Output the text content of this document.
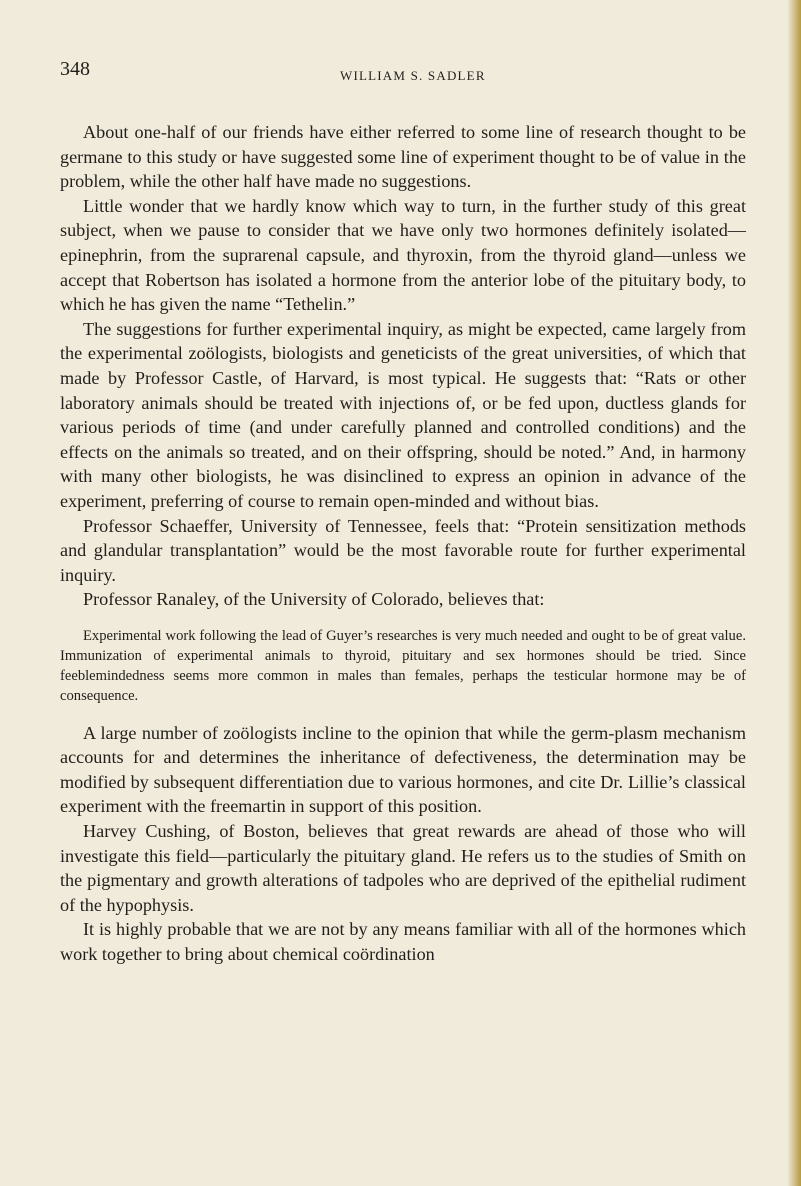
348	WILLIAM S. SADLER

About one-half of our friends have either referred to some line of research thought to be germane to this study or have suggested some line of experiment thought to be of value in the problem, while the other half have made no suggestions.

Little wonder that we hardly know which way to turn, in the further study of this great subject, when we pause to consider that we have only two hormones definitely isolated—epinephrin, from the suprarenal capsule, and thyroxin, from the thyroid gland—unless we accept that Robertson has isolated a hormone from the anterior lobe of the pituitary body, to which he has given the name “Tethelin.”

The suggestions for further experimental inquiry, as might be expected, came largely from the experimental zoölogists, biologists and geneticists of the great universities, of which that made by Professor Castle, of Harvard, is most typical. He suggests that: “Rats or other laboratory animals should be treated with injections of, or be fed upon, ductless glands for various periods of time (and under carefully planned and controlled conditions) and the effects on the animals so treated, and on their offspring, should be noted.” And, in harmony with many other biologists, he was disinclined to express an opinion in advance of the experiment, preferring of course to remain open-minded and without bias.

Professor Schaeffer, University of Tennessee, feels that: “Protein sensitization methods and glandular transplantation” would be the most favorable route for further experimental inquiry.

Professor Ranaley, of the University of Colorado, believes that:

Experimental work following the lead of Guyer’s researches is very much needed and ought to be of great value. Immunization of experimental animals to thyroid, pituitary and sex hormones should be tried. Since feeblemindedness seems more common in males than females, perhaps the testicular hormone may be of consequence.

A large number of zoölogists incline to the opinion that while the germ-plasm mechanism accounts for and determines the inheritance of defectiveness, the determination may be modified by subsequent differentiation due to various hormones, and cite Dr. Lillie’s classical experiment with the freemartin in support of this position.

Harvey Cushing, of Boston, believes that great rewards are ahead of those who will investigate this field—particularly the pituitary gland. He refers us to the studies of Smith on the pigmentary and growth alterations of tadpoles who are deprived of the epithelial rudiment of the hypophysis.

It is highly probable that we are not by any means familiar with all of the hormones which work together to bring about chemical coördination
